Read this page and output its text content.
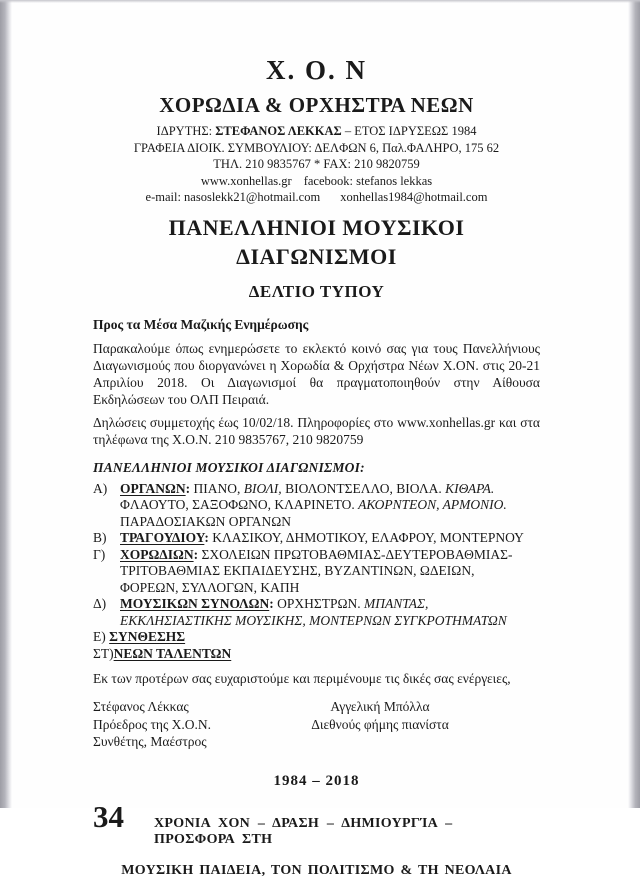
Χ. Ο. Ν
ΧΟΡΩΔΙΑ & ΟΡΧΗΣΤΡΑ ΝΕΩΝ
ΙΔΡΥΤΗΣ: ΣΤΕΦΑΝΟΣ ΛΕΚΚΑΣ – ΕΤΟΣ ΙΔΡΥΣΕΩΣ 1984
ΓΡΑΦΕΙΑ ΔΙΟΙΚ. ΣΥΜΒΟΥΛΙΟΥ: ΔΕΛΦΩΝ 6, Παλ.ΦΑΛΗΡΟ, 175 62
ΤΗΛ. 210 9835767 * FAX: 210 9820759
www.xonhellas.gr facebook: stefanos lekkas
e-mail: nasoslekk21@hotmail.com xonhellas1984@hotmail.com
ΠΑΝΕΛΛΗΝΙΟΙ ΜΟΥΣΙΚΟΙ ΔΙΑΓΩΝΙΣΜΟΙ
ΔΕΛΤΙΟ ΤΥΠΟΥ
Προς τα Μέσα Μαζικής Ενημέρωσης
Παρακαλούμε όπως ενημερώσετε το εκλεκτό κοινό σας για τους Πανελλήνιους Διαγωνισμούς που διοργανώνει η Χορωδία & Ορχήστρα Νέων Χ.ΟΝ. στις 20-21 Απριλίου 2018. Οι Διαγωνισμοί θα πραγματοποιηθούν στην Αίθουσα Εκδηλώσεων του ΟΛΠ Πειραιά.
Δηλώσεις συμμετοχής έως 10/02/18. Πληροφορίες στο www.xonhellas.gr και στα τηλέφωνα της Χ.Ο.Ν. 210 9835767, 210 9820759
ΠΑΝΕΛΛΗΝΙΟΙ ΜΟΥΣΙΚΟΙ ΔΙΑΓΩΝΙΣΜΟΙ:
Α) ΟΡΓΑΝΩΝ: ΠΙΑΝΟ, ΒΙΟΛΙ, ΒΙΟΛΟΝΤΣΕΛΛΟ, ΒΙΟΛΑ. ΚΙΘΑΡΑ. ΦΛΑΟΥΤΟ, ΣΑΞΟΦΩΝΟ, ΚΛΑΡΙΝΕΤΟ. ΑΚΟΡΝΤΕΟΝ, ΑΡΜΟΝΙΟ. ΠΑΡΑΔΟΣΙΑΚΩΝ ΟΡΓΑΝΩΝ
Β) ΤΡΑΓΟΥΔΙΟΥ: ΚΛΑΣΙΚΟΥ, ΔΗΜΟΤΙΚΟΥ, ΕΛΑΦΡΟΥ, ΜΟΝΤΕΡΝΟΥ
Γ) ΧΟΡΩΔΙΩΝ: ΣΧΟΛΕΙΩΝ ΠΡΩΤΟΒΑΘΜΙΑΣ-ΔΕΥΤΕΡΟΒΑΘΜΙΑΣ-ΤΡΙΤΟΒΑΘΜΙΑΣ ΕΚΠΑΙΔΕΥΣΗΣ, ΒΥΖΑΝΤΙΝΩΝ, ΩΔΕΙΩΝ, ΦΟΡΕΩΝ, ΣΥΛΛΟΓΩΝ, ΚΑΠΗ
Δ) ΜΟΥΣΙΚΩΝ ΣΥΝΟΛΩΝ: ΟΡΧΗΣΤΡΩΝ. ΜΠΑΝΤΑΣ, ΕΚΚΛΗΣΙΑΣΤΙΚΗΣ ΜΟΥΣΙΚΗΣ, ΜΟΝΤΕΡΝΩΝ ΣΥΓΚΡΟΤΗΜΑΤΩΝ
Ε) ΣΥΝΘΕΣΗΣ
ΣΤ)ΝΕΩΝ ΤΑΛΕΝΤΩΝ
Εκ των προτέρων σας ευχαριστούμε και περιμένουμε τις δικές σας ενέργειες,
Στέφανος Λέκκας
Πρόεδρος της Χ.Ο.Ν.
Συνθέτης, Μαέστρος
Αγγελική Μπόλλα
Διεθνούς φήμης πιανίστα
1984 – 2018
34 ΧΡΟΝΙΑ ΧΟΝ – ΔΡΑΣΗ – ΔΗΜΙΟΥΡΓΊΑ – ΠΡΟΣΦΟΡΑ ΣΤΗ
ΜΟΥΣΙΚΗ ΠΑΙΔΕΙΑ, ΤΟΝ ΠΟΛΙΤΙΣΜΟ & ΤΗ ΝΕΟΛΑΙΑ
